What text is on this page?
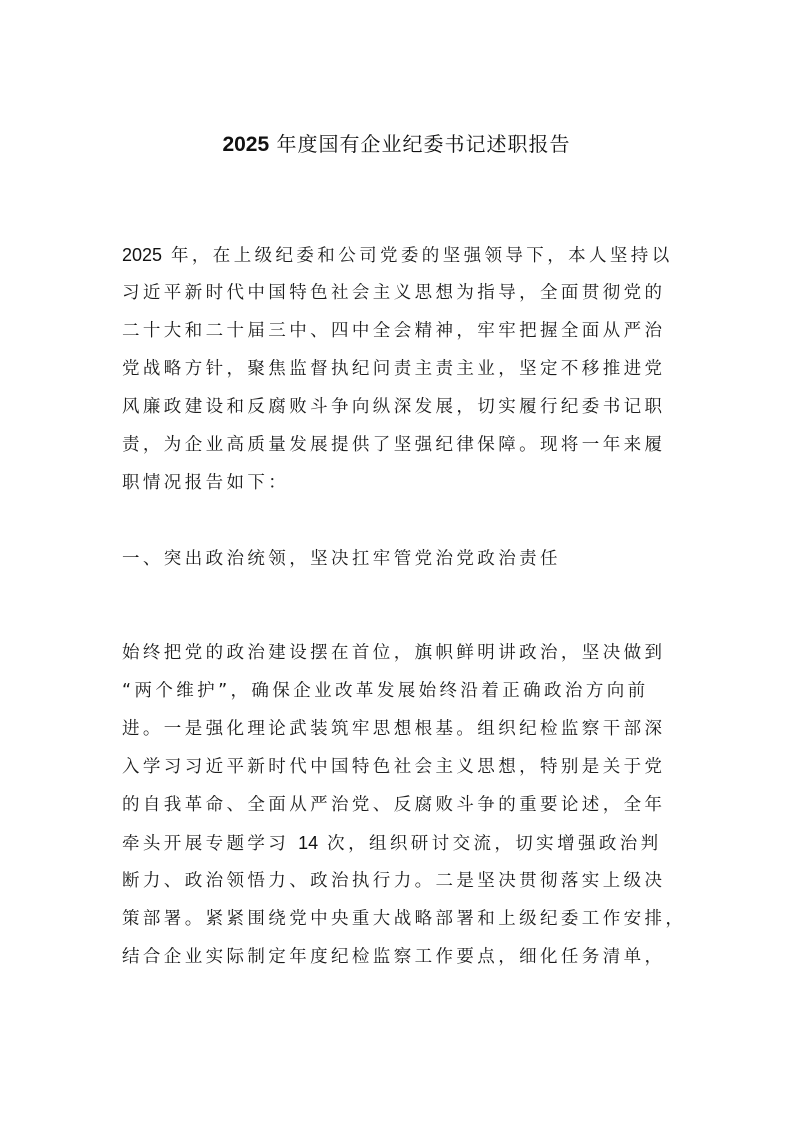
2025 年度国有企业纪委书记述职报告
2025 年，在上级纪委和公司党委的坚强领导下，本人坚持以
习近平新时代中国特色社会主义思想为指导，全面贯彻党的
二十大和二十届三中、四中全会精神，牢牢把握全面从严治
党战略方针，聚焦监督执纪问责主责主业，坚定不移推进党
风廉政建设和反腐败斗争向纵深发展，切实履行纪委书记职
责，为企业高质量发展提供了坚强纪律保障。现将一年来履
职情况报告如下：
一、突出政治统领，坚决扛牢管党治党政治责任
始终把党的政治建设摆在首位，旗帜鲜明讲政治，坚决做到
“两个维护”，确保企业改革发展始终沿着正确政治方向前
进。一是强化理论武装筑牢思想根基。组织纪检监察干部深
入学习习近平新时代中国特色社会主义思想，特别是关于党
的自我革命、全面从严治党、反腐败斗争的重要论述，全年
牵头开展专题学习 14 次，组织研讨交流，切实增强政治判
断力、政治领悟力、政治执行力。二是坚决贯彻落实上级决
策部署。紧紧围绕党中央重大战略部署和上级纪委工作安排，
结合企业实际制定年度纪检监察工作要点，细化任务清单，
